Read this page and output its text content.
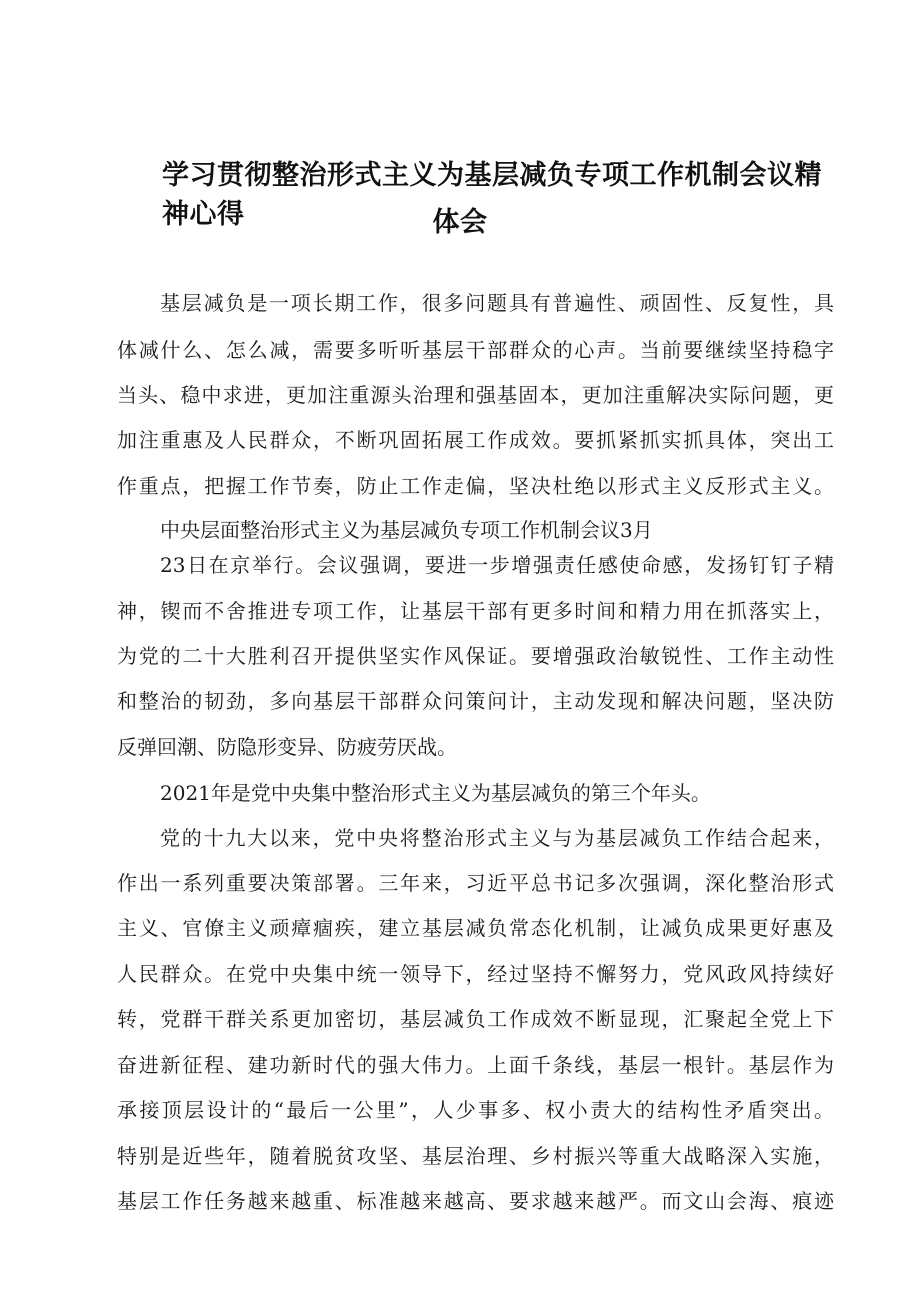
学习贯彻整治形式主义为基层减负专项工作机制会议精神心得	体会

基层减负是一项长期工作，很多问题具有普遍性、顽固性、反复性，具

体减什么、怎么减，需要多听听基层干部群众的心声。当前要继续坚持稳字

当头、稳中求进，更加注重源头治理和强基固本，更加注重解决实际问题，更

加注重惠及人民群众，不断巩固拓展工作成效。要抓紧抓实抓具体，突出工

作重点，把握工作节奏，防止工作走偏，坚决杜绝以形式主义反形式主义。

中央层面整治形式主义为基层减负专项工作机制会议3月

23日在京举行。会议强调，要进一步增强责任感使命感，发扬钉钉子精

神，锲而不舍推进专项工作，让基层干部有更多时间和精力用在抓落实上，

为党的二十大胜利召开提供坚实作风保证。要增强政治敏锐性、工作主动性

和整治的韧劲，多向基层干部群众问策问计，主动发现和解决问题，坚决防

反弹回潮、防隐形变异、防疲劳厌战。

2021年是党中央集中整治形式主义为基层减负的第三个年头。

党的十九大以来，党中央将整治形式主义与为基层减负工作结合起来，

作出一系列重要决策部署。三年来，习近平总书记多次强调，深化整治形式

主义、官僚主义顽瘴痼疾，建立基层减负常态化机制，让减负成果更好惠及

人民群众。在党中央集中统一领导下，经过坚持不懈努力，党风政风持续好

转，党群干群关系更加密切，基层减负工作成效不断显现，汇聚起全党上下

奋进新征程、建功新时代的强大伟力。上面千条线，基层一根针。基层作为

承接顶层设计的“最后一公里”，人少事多、权小责大的结构性矛盾突出。

特别是近些年，随着脱贫攻坚、基层治理、乡村振兴等重大战略深入实施，

基层工作任务越来越重、标准越来越高、要求越来越严。而文山会海、痕迹
